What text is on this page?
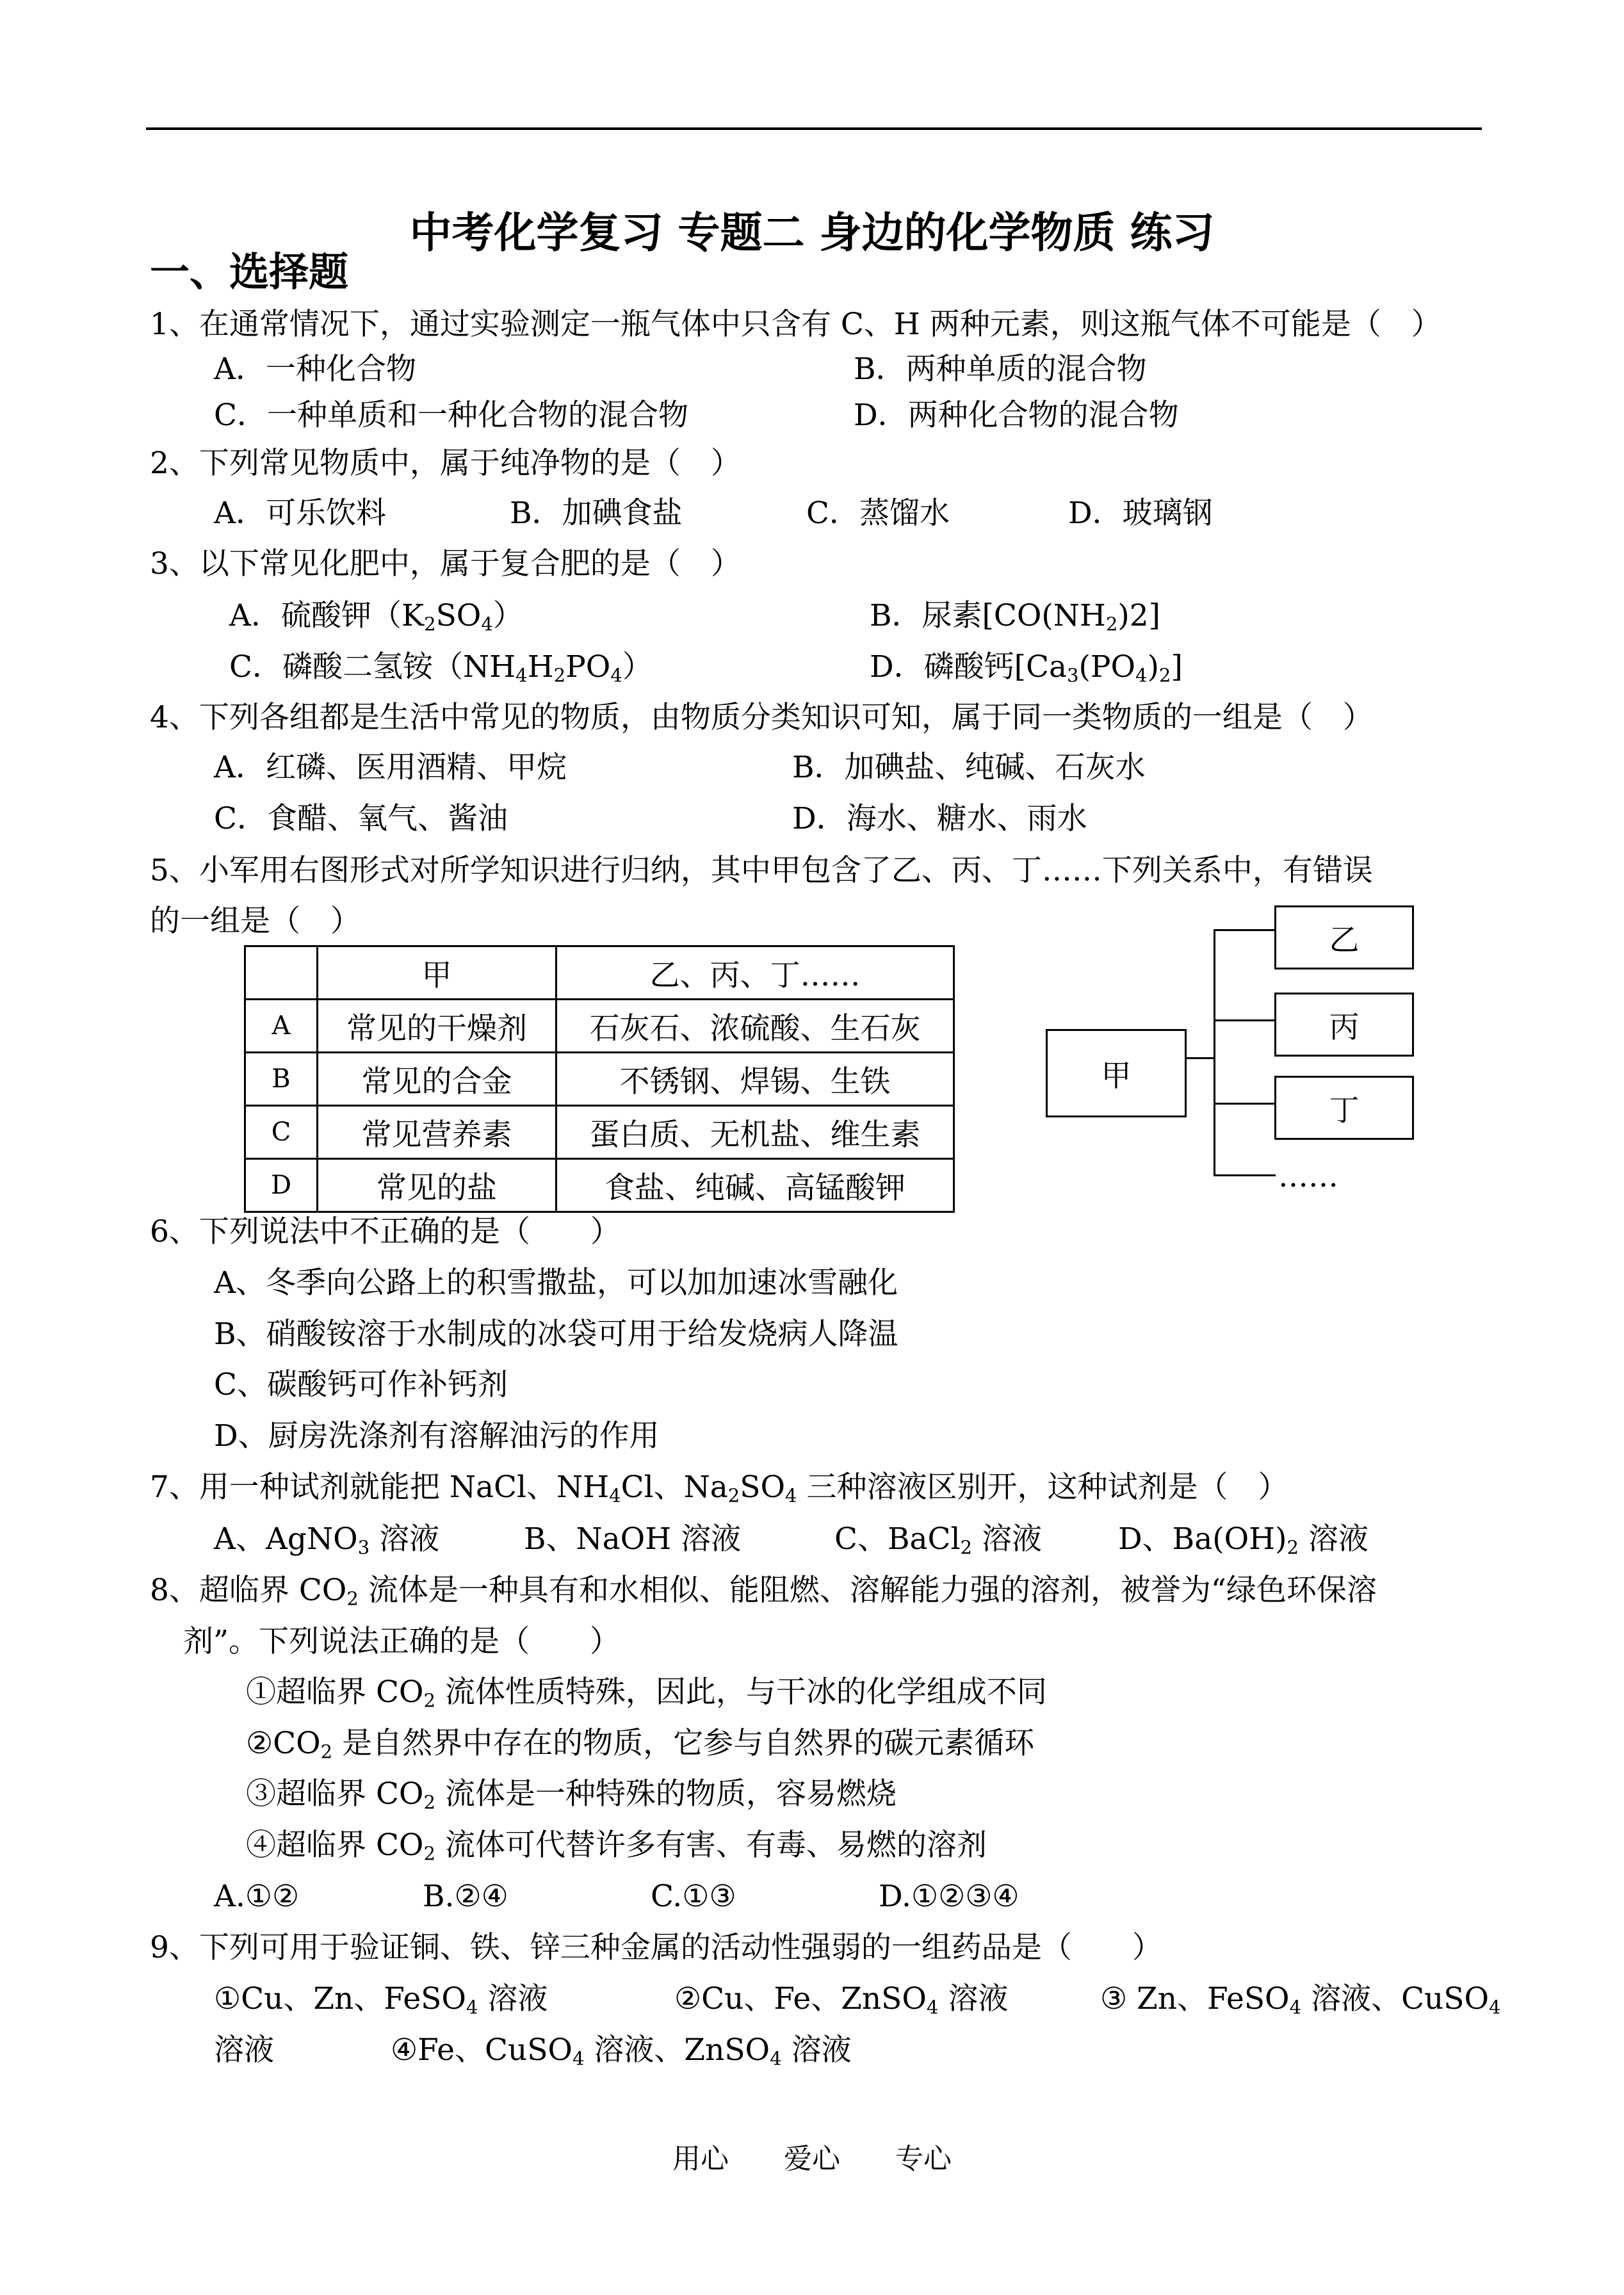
中考化学复习 专题二 身边的化学物质 练习
一、选择题
1、在通常情况下，通过实验测定一瓶气体中只含有 C、H 两种元素，则这瓶气体不可能是（　）
A．一种化合物	B．两种单质的混合物
C．一种单质和一种化合物的混合物	D．两种化合物的混合物
2、下列常见物质中，属于纯净物的是（　）
A．可乐饮料	B．加碘食盐	C．蒸馏水	D．玻璃钢
3、以下常见化肥中，属于复合肥的是（　）
A．硫酸钾$(K_2SO_4)$	B．尿素$[CO(NH_2)2]$
C．磷酸二氢铵$(NH_4H_2PO_4)$	D．磷酸钙$[Ca_3(PO_4)_2]$
4、下列各组都是生活中常见的物质，由物质分类知识可知，属于同一类物质的一组是（　）
A．红磷、医用酒精、甲烷	B．加碘盐、纯碱、石灰水
C．食醋、氧气、酱油	D．海水、糖水、雨水
5、小军用右图形式对所学知识进行归纳，其中甲包含了乙、丙、丁……下列关系中，有错误
的一组是（　）
	甲	乙、丙、丁……
A	常见的干燥剂	石灰石、浓硫酸、生石灰
B	常见的合金	不锈钢、焊锡、生铁
C	常见营养素	蛋白质、无机盐、维生素
D	常见的盐	食盐、纯碱、高锰酸钾
甲
乙
丙
丁
……
6、下列说法中不正确的是（　　）
A、冬季向公路上的积雪撒盐，可以加加速冰雪融化
B、硝酸铵溶于水制成的冰袋可用于给发烧病人降温
C、碳酸钙可作补钙剂
D、厨房洗涤剂有溶解油污的作用
7、用一种试剂就能把 NaCl、$NH_4Cl$、$Na_2SO_4$ 三种溶液区别开，这种试剂是（　）
A、AgNO$_3$ 溶液	B、NaOH 溶液	C、BaCl$_2$ 溶液	D、$Ba(OH)_2$ 溶液
8、超临界 $CO_2$ 流体是一种具有和水相似、能阻燃、溶解能力强的溶剂，被誉为“绿色环保溶
剂”。下列说法正确的是（　　）
①超临界 $CO_2$ 流体性质特殊，因此，与干冰的化学组成不同
$②CO_2$ 是自然界中存在的物质，它参与自然界的碳元素循环
③超临界 $CO_2$ 流体是一种特殊的物质，容易燃烧
④超临界 $CO_2$ 流体可代替许多有害、有毒、易燃的溶剂
A.①②	B.②④	C.①③	D.①②③④
9、下列可用于验证铜、铁、锌三种金属的活动性强弱的一组药品是（　　）
①Cu、Zn、FeSO$_4$ 溶液	②Cu、Fe、ZnSO$_4$ 溶液	③ Zn、FeSO$_4$ 溶液、CuSO$_4$
溶液	④Fe、CuSO$_4$ 溶液、ZnSO$_4$ 溶液
用心 爱心 专心
